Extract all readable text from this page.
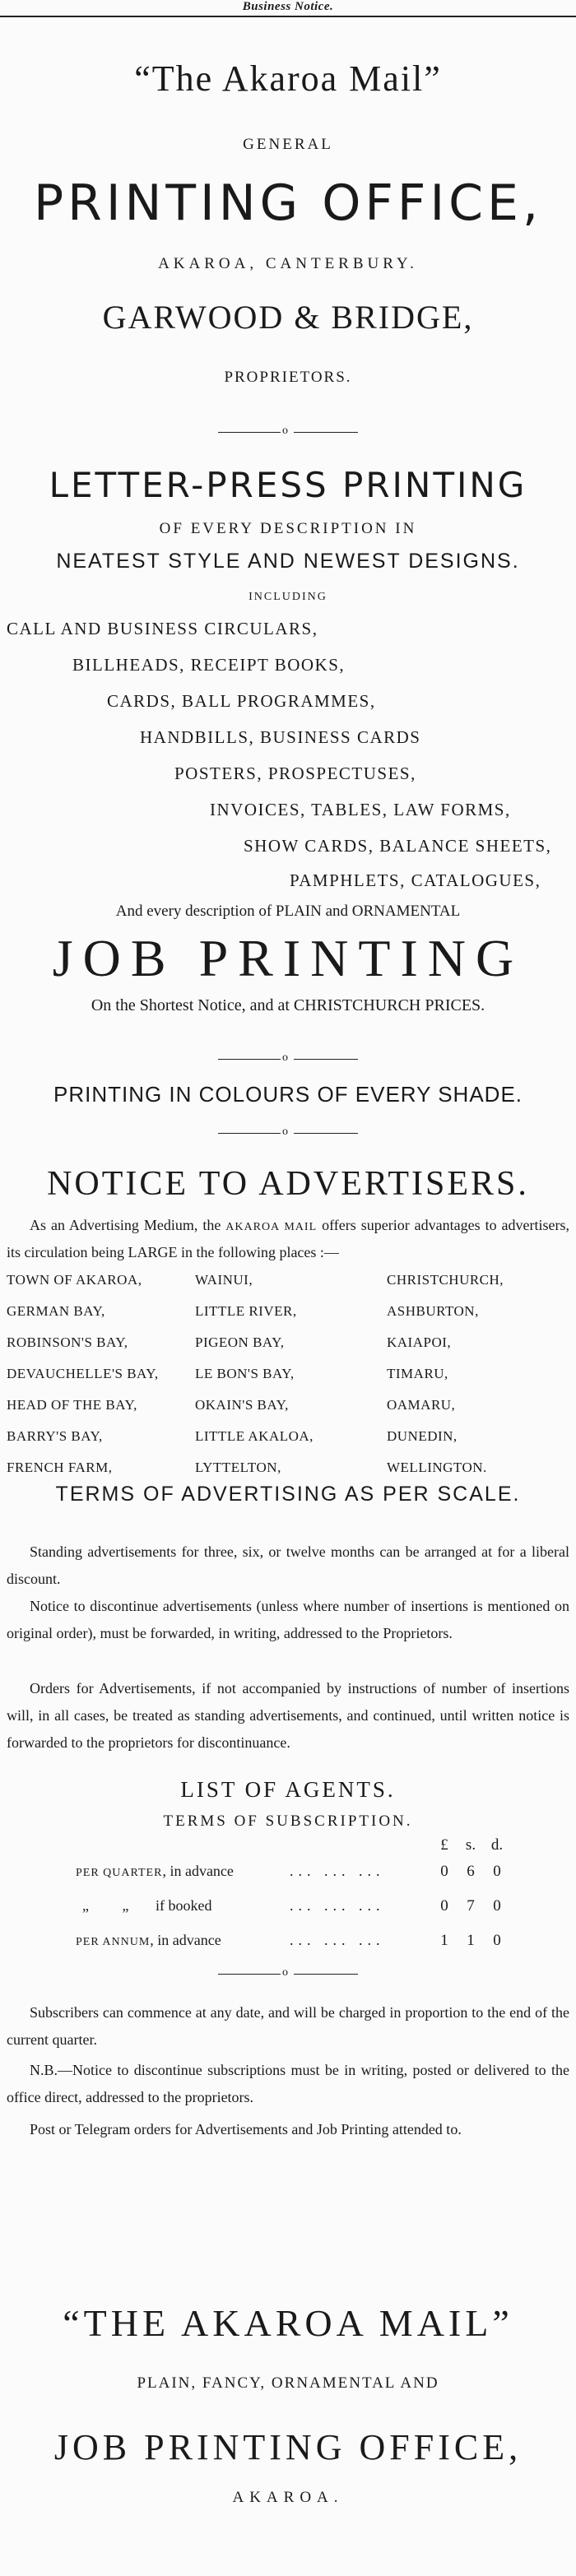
Business Notice.
“The Akaroa Mail”
GENERAL
PRINTING OFFICE,
AKAROA, CANTERBURY.
GARWOOD & BRIDGE,
PROPRIETORS.
o
LETTER-PRESS PRINTING
OF EVERY DESCRIPTION IN
NEATEST STYLE AND NEWEST DESIGNS.
INCLUDING
CALL AND BUSINESS CIRCULARS,
BILLHEADS, RECEIPT BOOKS,
CARDS, BALL PROGRAMMES,
HANDBILLS, BUSINESS CARDS
POSTERS, PROSPECTUSES,
INVOICES, TABLES, LAW FORMS,
SHOW CARDS, BALANCE SHEETS,
PAMPHLETS, CATALOGUES,
And every description of PLAIN and ORNAMENTAL
JOB PRINTING
On the Shortest Notice, and at CHRISTCHURCH PRICES.
o
PRINTING IN COLOURS OF EVERY SHADE.
o
NOTICE TO ADVERTISERS.
As an Advertising Medium, the AKAROA MAIL offers superior advantages to advertisers, its circulation being LARGE in the following places :—
TOWN OF AKAROA,	WAINUI,	CHRISTCHURCH,
GERMAN BAY,	LITTLE RIVER,	ASHBURTON,
ROBINSON'S BAY,	PIGEON BAY,	KAIAPOI,
DEVAUCHELLE'S BAY,	LE BON'S BAY,	TIMARU,
HEAD OF THE BAY,	OKAIN'S BAY,	OAMARU,
BARRY'S BAY,	LITTLE AKALOA,	DUNEDIN,
FRENCH FARM,	LYTTELTON,	WELLINGTON.
TERMS OF ADVERTISING AS PER SCALE.
Standing advertisements for three, six, or twelve months can be arranged at for a liberal discount.
Notice to discontinue advertisements (unless where number of insertions is mentioned on original order), must be forwarded, in writing, addressed to the Proprietors.
Orders for Advertisements, if not accompanied by instructions of number of insertions will, in all cases, be treated as standing advertisements, and continued, until written notice is forwarded to the proprietors for discontinuance.
LIST OF AGENTS.
TERMS OF SUBSCRIPTION.
£	s. d.
PER QUARTER, in advance	... ... ...	0	6	0
„ „ if booked	... ... ...	0	7	0
PER ANNUM, in advance	... ... ...	1	1	0
o
Subscribers can commence at any date, and will be charged in proportion to the end of the current quarter.
N.B.—Notice to discontinue subscriptions must be in writing, posted or delivered to the office direct, addressed to the proprietors.
Post or Telegram orders for Advertisements and Job Printing attended to.
“THE AKAROA MAIL”
PLAIN, FANCY, ORNAMENTAL AND
JOB PRINTING OFFICE,
AKAROA.
